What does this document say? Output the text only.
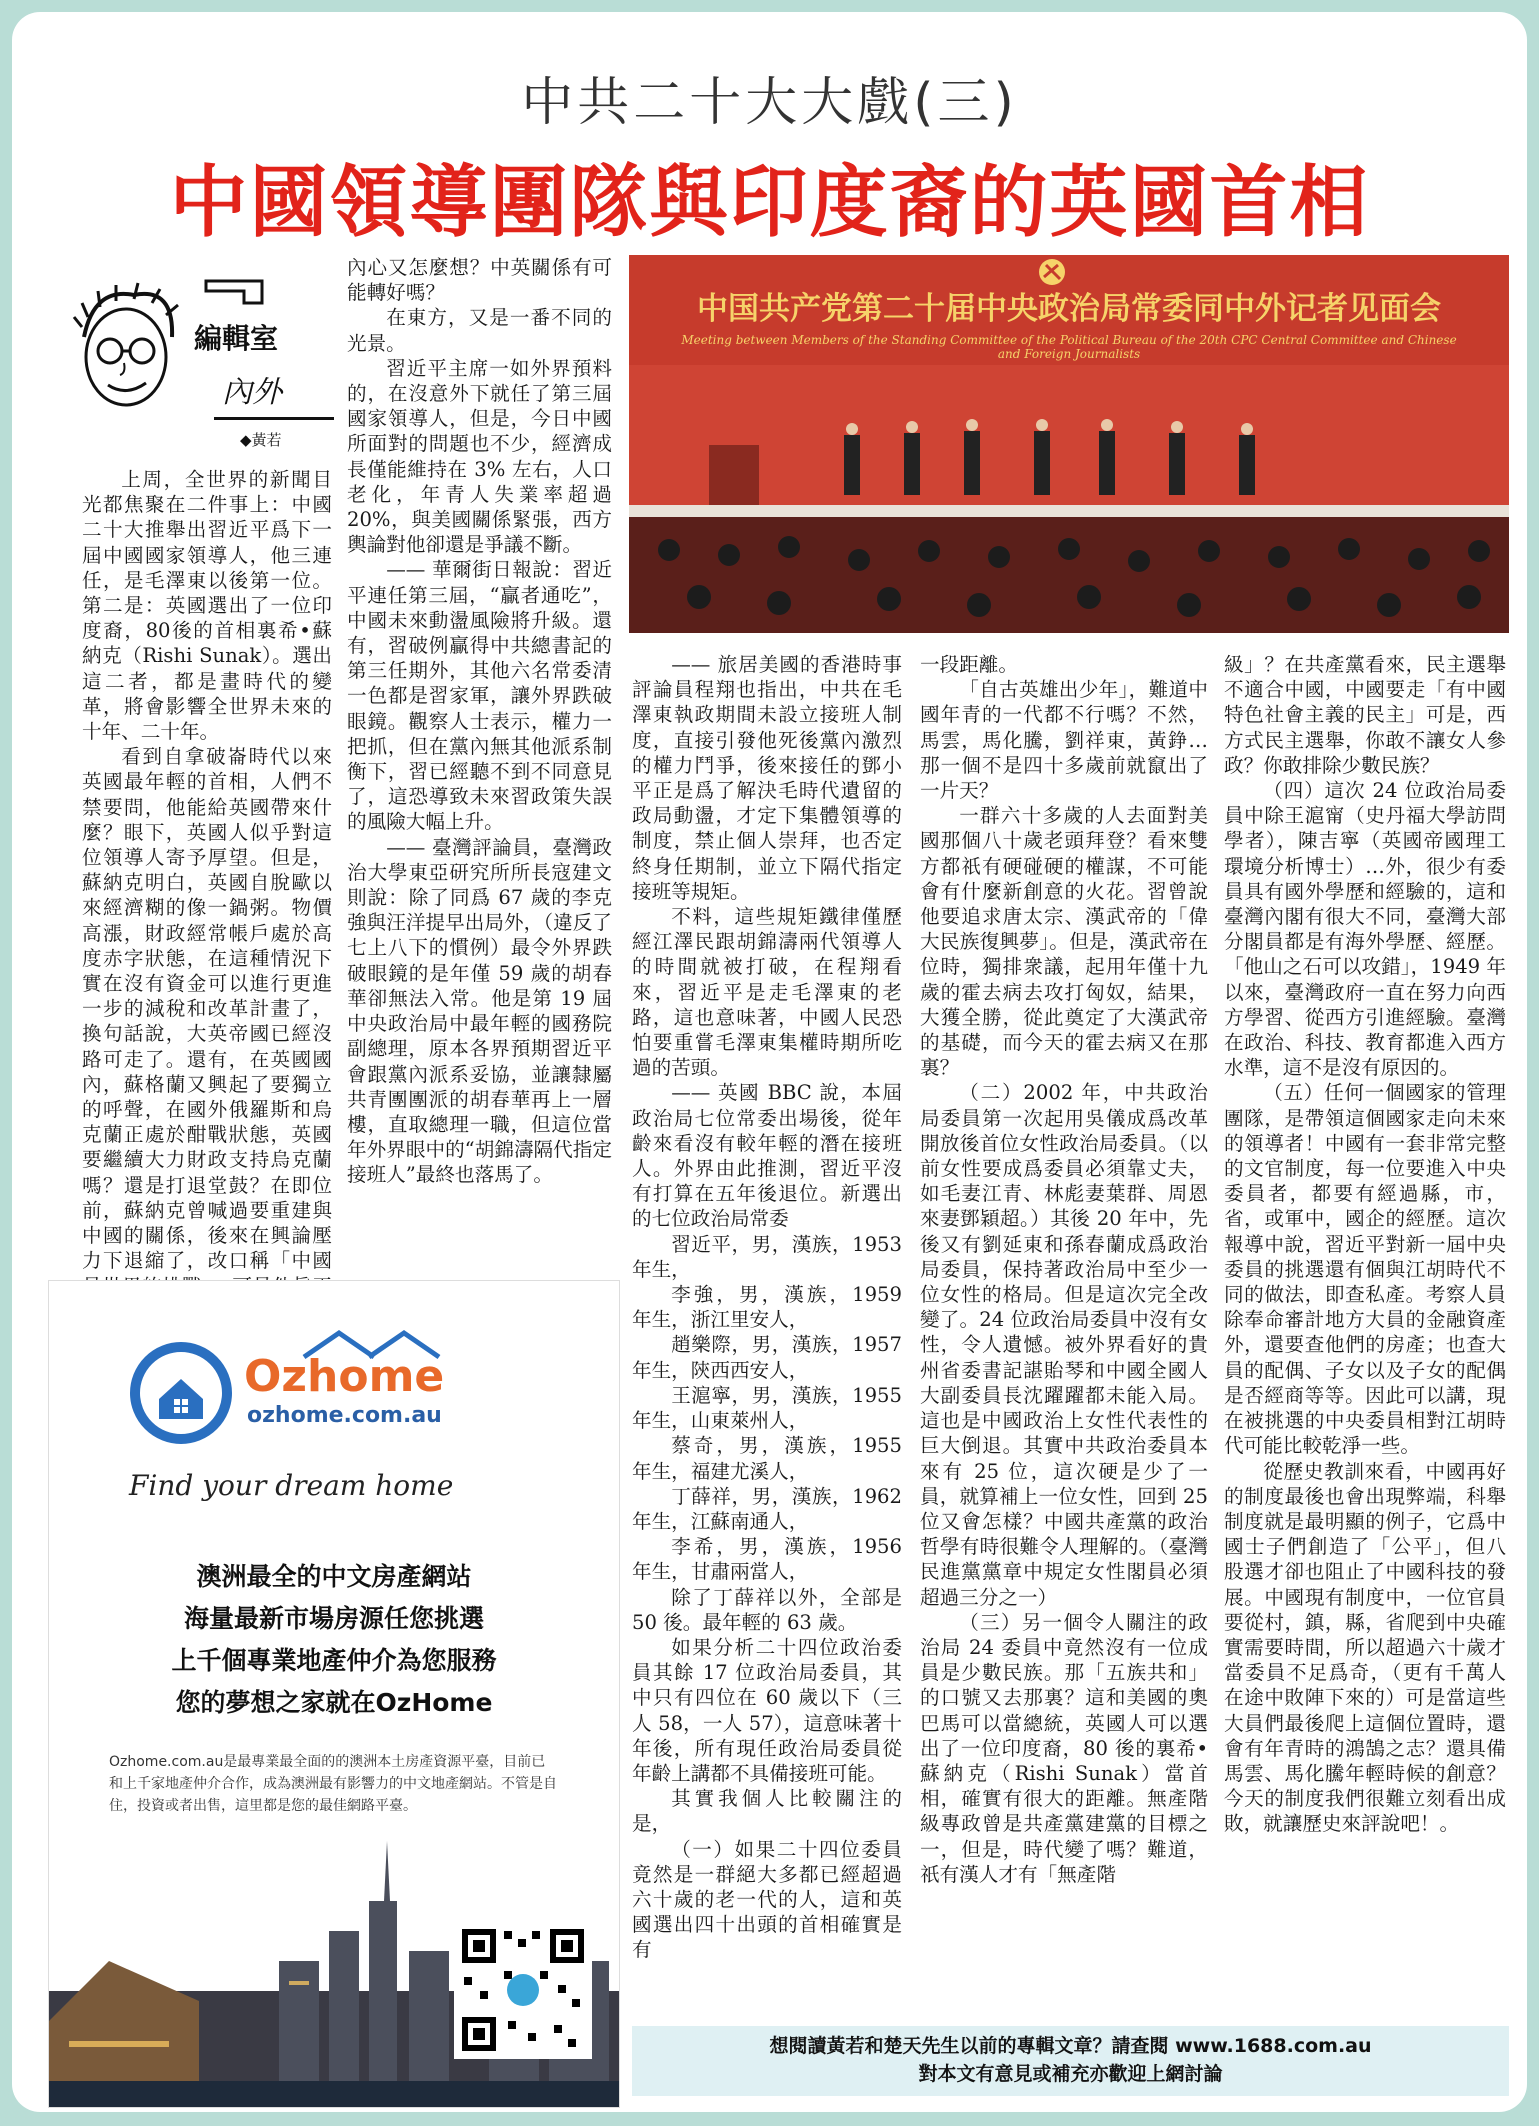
中共二十大大戲(三)
中國領導團隊與印度裔的英國首相
編輯室
內外
◆黃若
中国共产党第二十届中央政治局常委同中外记者见面会
Meeting between Members of the Standing Committee of the Political Bureau of the 20th CPC Central Committee and Chinese and Foreign Journalists

上周，全世界的新聞目光都焦聚在二件事上：中國二十大推舉出習近平爲下一屆中國國家領導人，他三連任，是毛澤東以後第一位。第二是：英國選出了一位印度裔，80後的首相裏希•蘇納克（Rishi Sunak）。選出這二者，都是畫時代的變革，將會影響全世界未來的十年、二十年。

看到自拿破崙時代以來英國最年輕的首相，人們不禁要問，他能給英國帶來什麼？眼下，英國人似乎對這位領導人寄予厚望。但是，蘇納克明白，英國自脫歐以來經濟糊的像一鍋粥。物價高漲，財政經常帳戶處於高度赤字狀態，在這種情況下實在沒有資金可以進行更進一步的減稅和改革計畫了，換句話說，大英帝國已經沒路可走了。還有，在英國國內，蘇格蘭又興起了要獨立的呼聲，在國外俄羅斯和烏克蘭正處於酣戰狀態，英國要繼續大力財政支持烏克蘭嗎？還是打退堂鼓？在即位前，蘇納克曾喊過要重建與中國的關係，後來在興論壓力下退縮了，改口稱「中國

內心又怎麼想？中英關係有可能轉好嗎？

在東方，又是一番不同的光景。

習近平主席一如外界預料的，在沒意外下就任了第三屆國家領導人，但是，今日中國所面對的問題也不少，經濟成長僅能維持在 3% 左右，人口老化，年青人失業率超過 20%，與美國關係緊張，西方輿論對他卻還是爭議不斷。

—— 華爾街日報說：習近平連任第三屆，“贏者通吃”，中國未來動盪風險將升級。還有，習破例贏得中共總書記的第三任期外，其他六名常委清一色都是習家軍，讓外界跌破眼鏡。觀察人士表示，權力一把抓，但在黨內無其他派系制衡下，習已經聽不到不同意見了，這恐導致未來習政策失誤的風險大幅上升。

—— 臺灣評論員，臺灣政治大學東亞研究所所長寇建文則說：除了同爲 67 歲的李克強與汪洋提早出局外，（違反了七上八下的慣例）最令外界跌破眼鏡的是年僅 59 歲的胡春華卻無法入常。他是第 19 屆中央政治局中最年輕的國務院副總理，原本各界預期習近平會跟黨內派系妥協，並讓隸屬共青團團派的胡春華再上一層樓，直取總理一職，但這位當年外界眼中的“胡錦濤隔代指定接班人”最終也落馬了。

—— 旅居美國的香港時事評論員程翔也指出，中共在毛澤東執政期間未設立接班人制度，直接引發他死後黨內激烈的權力鬥爭，後來接任的鄧小平正是爲了解決毛時代遺留的政局動盪，才定下集體領導的制度，禁止個人崇拜，也否定終身任期制，並立下隔代指定接班等規矩。

不料，這些規矩鐵律僅歷經江澤民跟胡錦濤兩代領導人的時間就被打破，在程翔看來，習近平是走毛澤東的老路，這也意味著，中國人民恐怕要重嘗毛澤東集權時期所吃過的苦頭。

—— 英國 BBC 說，本屆政治局七位常委出場後，從年齡來看沒有較年輕的潛在接班人。外界由此推測，習近平沒有打算在五年後退位。新選出的七位政治局常委

習近平，男，漢族，1953 年生，

李強，男，漢族，1959 年生，浙江里安人，

趙樂際，男，漢族，1957 年生，陝西西安人，

王滬寧，男，漢族，1955 年生，山東萊州人，

蔡奇，男，漢族，1955 年生，福建尤溪人，

丁薛祥，男，漢族，1962 年生，江蘇南通人，

李希，男，漢族，1956 年生，甘肅兩當人，

除了丁薛祥以外，全部是 50 後。最年輕的 63 歲。

如果分析二十四位政治委員其餘 17 位政治局委員，其中只有四位在 60 歲以下（三人 58，一人 57），這意味著十年後，所有現任政治局委員從年齡上講都不具備接班可能。

其實我個人比較關注的是，

（一）如果二十四位委員竟然是一群絕大多都已經超過六十歲的老一代的人，這和英國選出四十出頭的首相確實是有

一段距離。

「自古英雄出少年」，難道中國年青的一代都不行嗎？不然，馬雲，馬化騰，劉祥東，黃錚…那一個不是四十多歲前就竄出了一片天？

一群六十多歲的人去面對美國那個八十歲老頭拜登？看來雙方都祇有硬碰硬的權謀，不可能會有什麼新創意的火花。習曾說他要追求唐太宗、漢武帝的「偉大民族復興夢」。但是，漢武帝在位時，獨排衆議，起用年僅十九歲的霍去病去攻打匈奴，結果，大獲全勝，從此奠定了大漢武帝的基礎，而今天的霍去病又在那裏？

（二）2002 年，中共政治局委員第一次起用吳儀成爲改革開放後首位女性政治局委員。（以前女性要成爲委員必須靠丈夫，如毛妻江青、林彪妻葉群、周恩來妻鄧穎超。）其後 20 年中，先後又有劉延東和孫春蘭成爲政治局委員，保持著政治局中至少一位女性的格局。但是這次完全改變了。24 位政治局委員中沒有女性，令人遺憾。被外界看好的貴州省委書記諶貽琴和中國全國人大副委員長沈躍躍都未能入局。這也是中國政治上女性代表性的巨大倒退。其實中共政治委員本來有 25 位，這次硬是少了一員，就算補上一位女性，回到 25 位又會怎樣？中國共產黨的政治哲學有時很難令人理解的。（臺灣民進黨黨章中規定女性閣員必須超過三分之一）

（三）另一個令人關注的政治局 24 委員中竟然沒有一位成員是少數民族。那「五族共和」的口號又去那裏？這和美國的奧巴馬可以當總統，英國人可以選出了一位印度裔，80 後的裏希•蘇納克（Rishi Sunak）當首相，確實有很大的距離。無產階級專政曾是共產黨建黨的目標之一，但是，時代變了嗎？難道，祇有漢人才有「無產階

級」？在共產黨看來，民主選舉不適合中國，中國要走「有中國特色社會主義的民主」可是，西方式民主選舉，你敢不讓女人參政？你敢排除少數民族？

（四）這次 24 位政治局委員中除王滬甯（史丹福大學訪問學者），陳吉寧（英國帝國理工環境分析博士）…外，很少有委員具有國外學歷和經驗的，這和臺灣內閣有很大不同，臺灣大部分閣員都是有海外學歷、經歷。「他山之石可以攻錯」，1949 年以來，臺灣政府一直在努力向西方學習、從西方引進經驗。臺灣在政治、科技、教育都進入西方水準，這不是沒有原因的。

（五）任何一個國家的管理團隊，是帶領這個國家走向未來的領導者！中國有一套非常完整的文官制度，每一位要進入中央委員者，都要有經過縣，市，省，或軍中，國企的經歷。這次報導中說，習近平對新一屆中央委員的挑選還有個與江胡時代不同的做法，即查私產。考察人員除奉命審計地方大員的金融資產外，還要查他們的房產；也查大員的配偶、子女以及子女的配偶是否經商等等。因此可以講，現在被挑選的中央委員相對江胡時代可能比較乾淨一些。

從歷史教訓來看，中國再好的制度最後也會出現弊端，科舉制度就是最明顯的例子，它爲中國士子們創造了「公平」，但八股選才卻也阻止了中國科技的發展。中國現有制度中，一位官員要從村，鎮，縣，省爬到中央確實需要時間，所以超過六十歲才當委員不足爲奇，（更有千萬人在途中敗陣下來的）可是當這些大員們最後爬上這個位置時，還會有年青時的鴻鵠之志？還具備馬雲、馬化騰年輕時候的創意？今天的制度我們很難立刻看出成敗，就讓歷史來評說吧！。

Ozhome
ozhome.com.au
Find your dream home
澳洲最全的中文房產網站
海量最新市場房源任您挑選
上千個專業地產仲介為您服務
您的夢想之家就在OzHome
Ozhome.com.au是最專業最全面的的澳洲本土房產資源平臺，目前已和上千家地產仲介合作，成為澳洲最有影響力的中文地產網站。不管是自住，投資或者出售，這里都是您的最佳網路平臺。
想閱讀黃若和楚天先生以前的專輯文章？請查閱 www.1688.com.au
對本文有意見或補充亦歡迎上網討論
